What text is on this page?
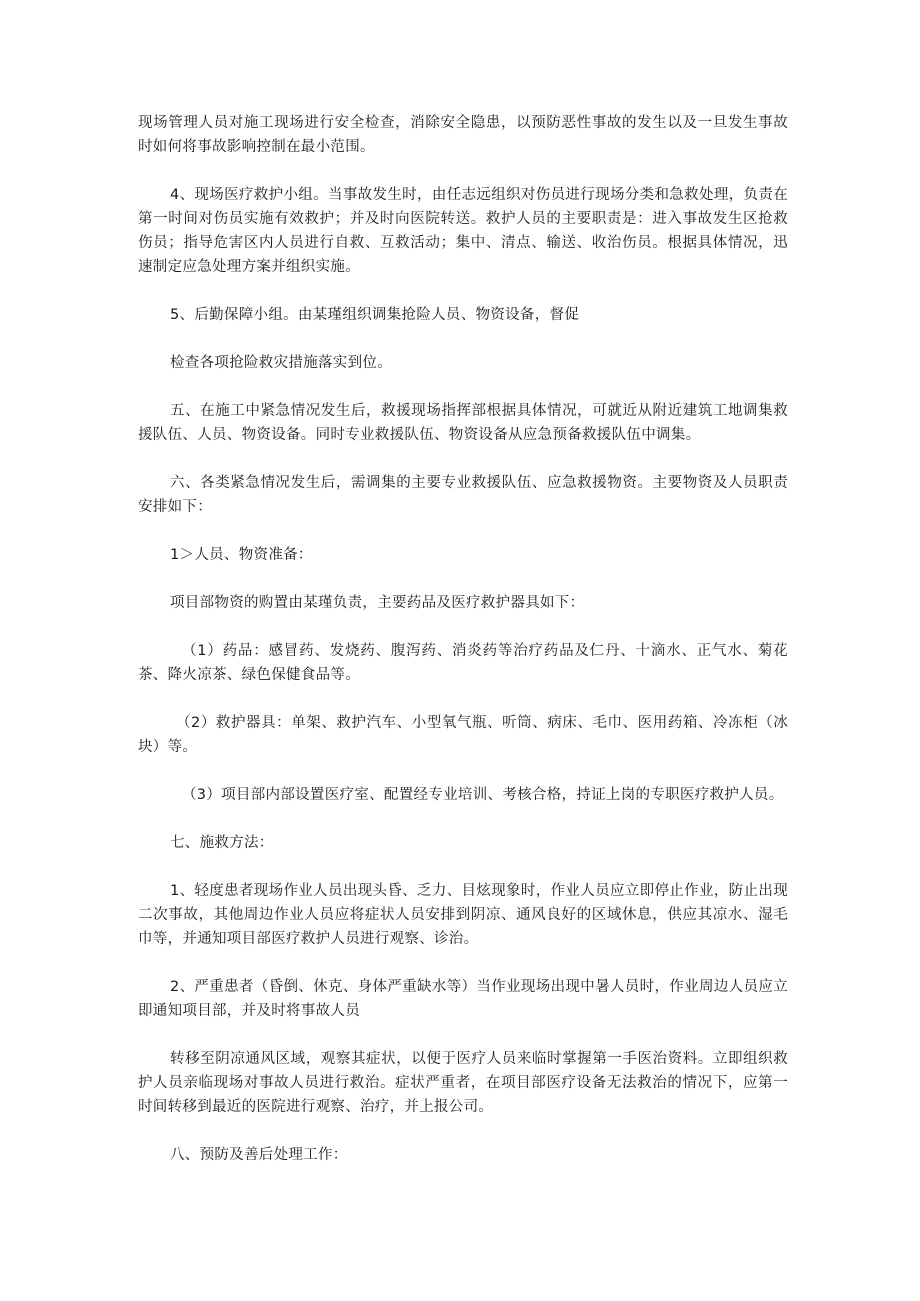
现场管理人员对施工现场进行安全检查，消除安全隐患，以预防恶性事故的发生以及一旦发生事故时如何将事故影响控制在最小范围。

4、现场医疗救护小组。当事故发生时，由任志远组织对伤员进行现场分类和急救处理，负责在第一时间对伤员实施有效救护；并及时向医院转送。救护人员的主要职责是：进入事故发生区抢救伤员；指导危害区内人员进行自救、互救活动；集中、清点、输送、收治伤员。根据具体情况，迅速制定应急处理方案并组织实施。

5、后勤保障小组。由某瑾组织调集抢险人员、物资设备，督促

检查各项抢险救灾措施落实到位。

五、在施工中紧急情况发生后，救援现场指挥部根据具体情况，可就近从附近建筑工地调集救援队伍、人员、物资设备。同时专业救援队伍、物资设备从应急预备救援队伍中调集。

六、各类紧急情况发生后，需调集的主要专业救援队伍、应急救援物资。主要物资及人员职责安排如下：

1＞人员、物资准备：

项目部物资的购置由某瑾负责，主要药品及医疗救护器具如下：

（1）药品：感冒药、发烧药、腹泻药、消炎药等治疗药品及仁丹、十滴水、正气水、菊花茶、降火凉茶、绿色保健食品等。

（2）救护器具：单架、救护汽车、小型氧气瓶、听筒、病床、毛巾、医用药箱、冷冻柜（冰块）等。

（3）项目部内部设置医疗室、配置经专业培训、考核合格，持证上岗的专职医疗救护人员。

七、施救方法：

1、轻度患者现场作业人员出现头昏、乏力、目炫现象时，作业人员应立即停止作业，防止出现二次事故，其他周边作业人员应将症状人员安排到阴凉、通风良好的区域休息，供应其凉水、湿毛巾等，并通知项目部医疗救护人员进行观察、诊治。

2、严重患者（昏倒、休克、身体严重缺水等）当作业现场出现中暑人员时，作业周边人员应立即通知项目部，并及时将事故人员

转移至阴凉通风区域，观察其症状，以便于医疗人员来临时掌握第一手医治资料。立即组织救护人员亲临现场对事故人员进行救治。症状严重者，在项目部医疗设备无法救治的情况下，应第一时间转移到最近的医院进行观察、治疗，并上报公司。

八、预防及善后处理工作：
